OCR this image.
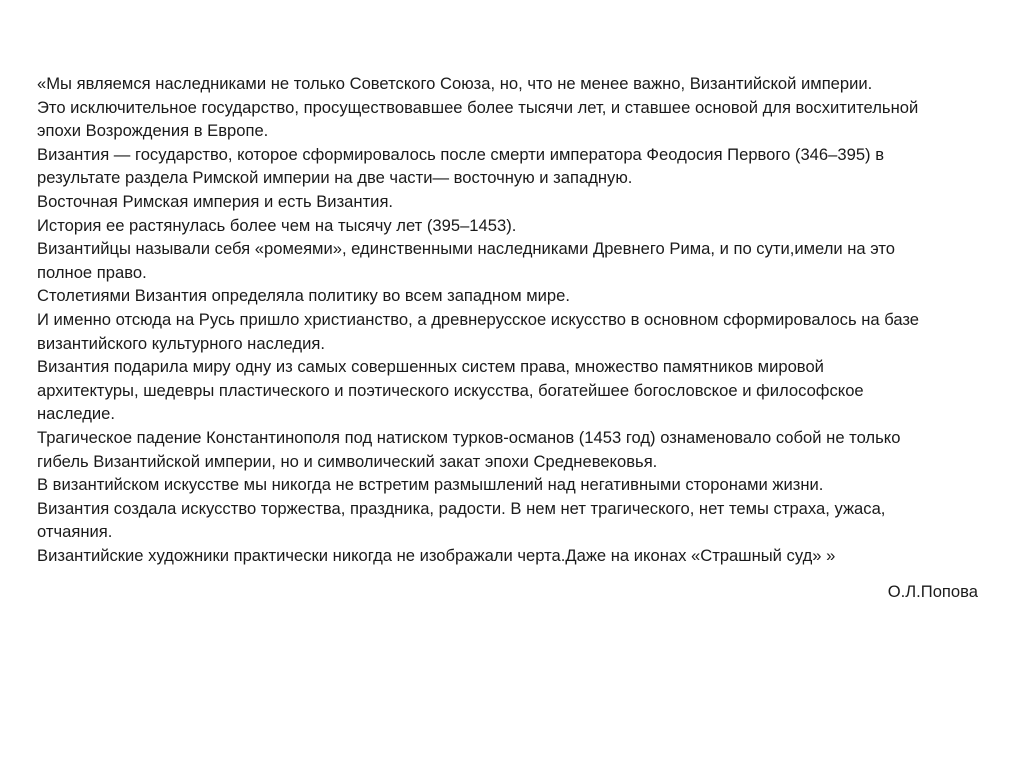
«Мы являемся наследниками не только Советского Союза, но, что не менее важно, Византийской империи.

Это исключительное государство, просуществовавшее более тысячи лет, и ставшее основой для восхитительной

эпохи Возрождения в Европе.

Византия — государство, которое сформировалось после смерти императора Феодосия Первого (346–395) в

результате раздела Римской империи на две части— восточную и западную.

Восточная Римская империя и есть Византия.

История ее растянулась более чем на тысячу лет (395–1453).

Византийцы называли себя «ромеями», единственными наследниками Древнего Рима, и по сути,имели на это

полное право.

Столетиями Византия определяла политику во всем западном мире.

И именно отсюда на Русь пришло христианство, а древнерусское искусство в основном сформировалось на базе

византийского культурного наследия.

Византия подарила миру одну из самых совершенных систем права, множество памятников мировой

архитектуры, шедевры пластического и поэтического искусства, богатейшее богословское и философское

наследие.

Трагическое падение Константинополя под натиском турков-османов (1453 год) ознаменовало собой не только

гибель Византийской империи, но и символический закат эпохи Средневековья.

В византийском искусстве мы никогда не встретим размышлений над негативными сторонами жизни.

Византия создала искусство торжества, праздника, радости. В нем нет трагического, нет темы страха, ужаса,

отчаяния.

Византийские художники практически никогда не изображали черта.Даже на иконах «Страшный суд» »

О.Л.Попова
